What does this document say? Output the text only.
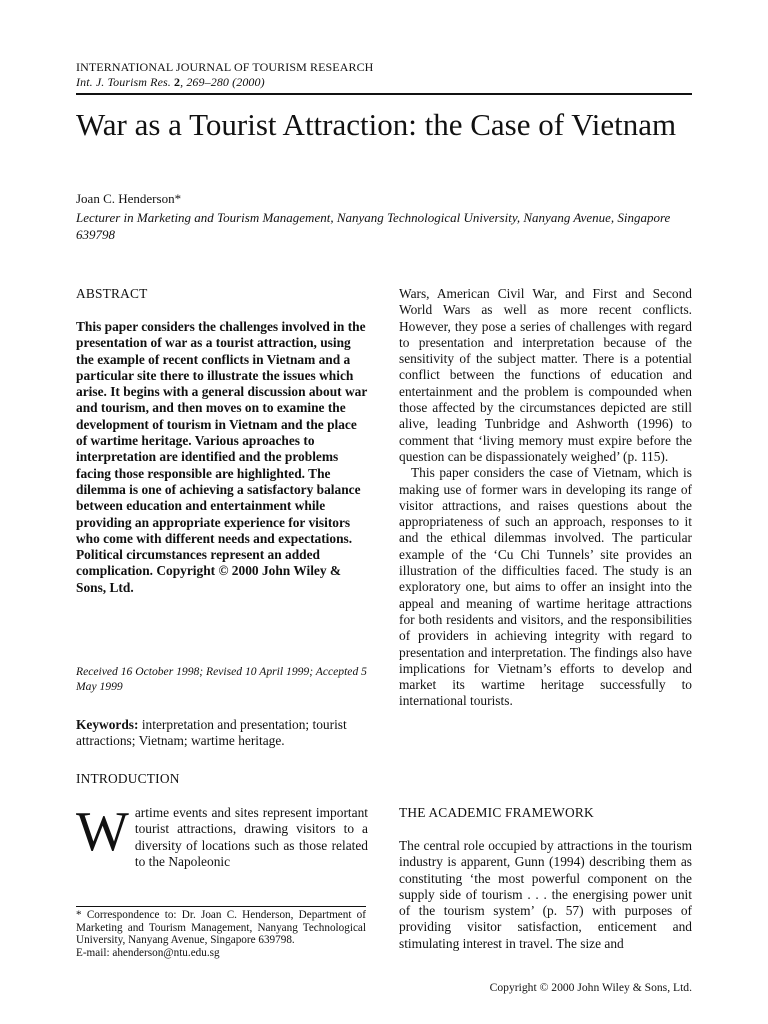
INTERNATIONAL JOURNAL OF TOURISM RESEARCH
Int. J. Tourism Res. 2, 269–280 (2000)
War as a Tourist Attraction: the Case of Vietnam
Joan C. Henderson*
Lecturer in Marketing and Tourism Management, Nanyang Technological University, Nanyang Avenue, Singapore 639798
ABSTRACT
This paper considers the challenges involved in the presentation of war as a tourist attraction, using the example of recent conflicts in Vietnam and a particular site there to illustrate the issues which arise. It begins with a general discussion about war and tourism, and then moves on to examine the development of tourism in Vietnam and the place of wartime heritage. Various aproaches to interpretation are identified and the problems facing those responsible are highlighted. The dilemma is one of achieving a satisfactory balance between education and entertainment while providing an appropriate experience for visitors who come with different needs and expectations. Political circumstances represent an added complication. Copyright © 2000 John Wiley & Sons, Ltd.
Received 16 October 1998; Revised 10 April 1999; Accepted 5 May 1999
Keywords: interpretation and presentation; tourist attractions; Vietnam; wartime heritage.
INTRODUCTION
Wartime events and sites represent important tourist attractions, drawing visitors to a diversity of locations such as those related to the Napoleonic
* Correspondence to: Dr. Joan C. Henderson, Department of Marketing and Tourism Management, Nanyang Technological University, Nanyang Avenue, Singapore 639798.
E-mail: ahenderson@ntu.edu.sg
Wars, American Civil War, and First and Second World Wars as well as more recent conflicts. However, they pose a series of challenges with regard to presentation and interpretation because of the sensitivity of the subject matter. There is a potential conflict between the functions of education and entertainment and the problem is compounded when those affected by the circumstances depicted are still alive, leading Tunbridge and Ashworth (1996) to comment that ‘living memory must expire before the question can be dispassionately weighed’ (p. 115).
This paper considers the case of Vietnam, which is making use of former wars in developing its range of visitor attractions, and raises questions about the appropriateness of such an approach, responses to it and the ethical dilemmas involved. The particular example of the ‘Cu Chi Tunnels’ site provides an illustration of the difficulties faced. The study is an exploratory one, but aims to offer an insight into the appeal and meaning of wartime heritage attractions for both residents and visitors, and the responsibilities of providers in achieving integrity with regard to presentation and interpretation. The findings also have implications for Vietnam’s efforts to develop and market its wartime heritage successfully to international tourists.
THE ACADEMIC FRAMEWORK
The central role occupied by attractions in the tourism industry is apparent, Gunn (1994) describing them as constituting ‘the most powerful component on the supply side of tourism . . . the energising power unit of the tourism system’ (p. 57) with purposes of providing visitor satisfaction, enticement and stimulating interest in travel. The size and
Copyright © 2000 John Wiley & Sons, Ltd.
